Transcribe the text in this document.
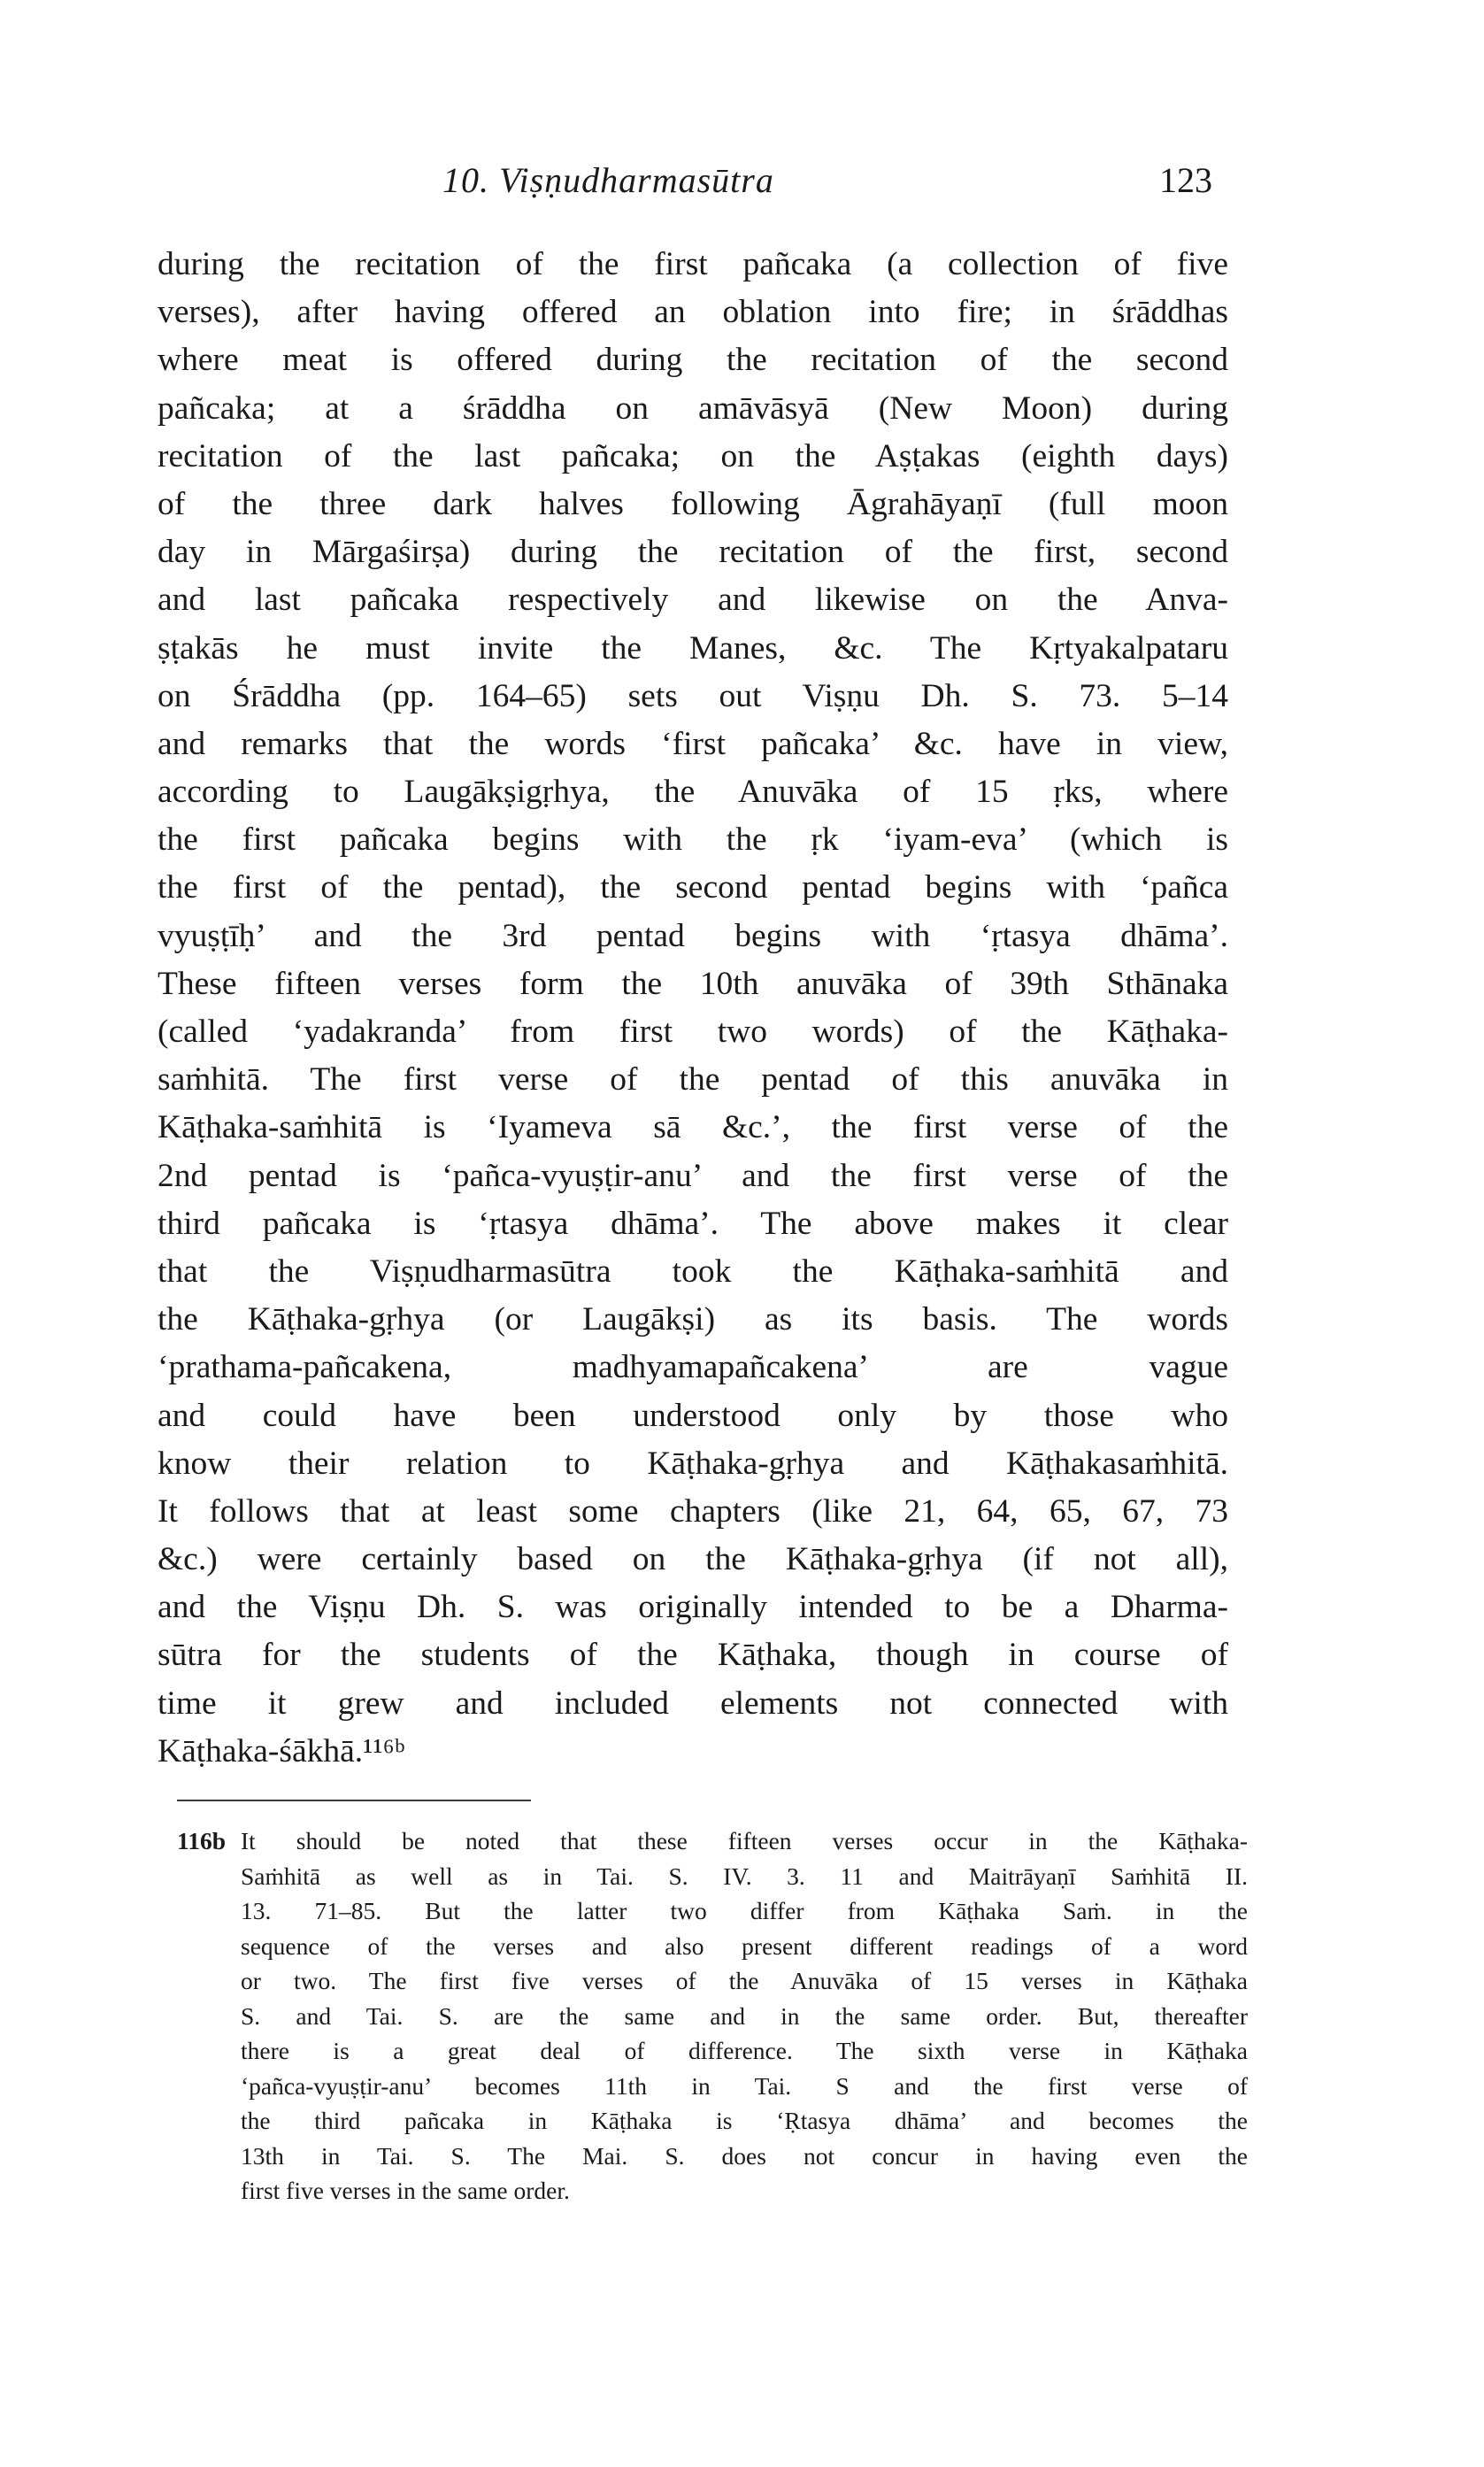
10. Viṣṇudharmasūtra	123
during the recitation of the first pañcaka (a collection of five
verses), after having offered an oblation into fire; in śrāddhas
where meat is offered during the recitation of the second
pañcaka; at a śrāddha on amāvāsyā (New Moon) during
recitation of the last pañcaka; on the Aṣṭakas (eighth days)
of the three dark halves following Āgrahāyaṇī (full moon
day in Mārgaśirṣa) during the recitation of the first, second
and last pañcaka respectively and likewise on the Anva-
ṣṭakās he must invite the Manes, &c. The Kṛtyakalpataru
on Śrāddha (pp. 164–65) sets out Viṣṇu Dh. S. 73. 5–14
and remarks that the words ‘first pañcaka’ &c. have in view,
according to Laugākṣigṛhya, the Anuvāka of 15 ṛks, where
the first pañcaka begins with the ṛk ‘iyam-eva’ (which is
the first of the pentad), the second pentad begins with ‘pañca
vyuṣṭīḥ’ and the 3rd pentad begins with ‘ṛtasya dhāma’.
These fifteen verses form the 10th anuvāka of 39th Sthānaka
(called ‘yadakranda’ from first two words) of the Kāṭhaka-
saṁhitā. The first verse of the pentad of this anuvāka in
Kāṭhaka-saṁhitā is ‘Iyameva sā &c.’, the first verse of the
2nd pentad is ‘pañca-vyuṣṭir-anu’ and the first verse of the
third pañcaka is ‘ṛtasya dhāma’. The above makes it clear
that the Viṣṇudharmasūtra took the Kāṭhaka-saṁhitā and
the Kāṭhaka-gṛhya (or Laugākṣi) as its basis. The words
‘prathama-pañcakena, madhyamapañcakena’ are vague
and could have been understood only by those who
know their relation to Kāṭhaka-gṛhya and Kāṭhakasaṁhitā.
It follows that at least some chapters (like 21, 64, 65, 67, 73
&c.) were certainly based on the Kāṭhaka-gṛhya (if not all),
and the Viṣṇu Dh. S. was originally intended to be a Dharma-
sūtra for the students of the Kāṭhaka, though in course of
time it grew and included elements not connected with
Kāṭhaka-śākhā.¹¹⁶ᵇ
116b It should be noted that these fifteen verses occur in the Kāṭhaka-
Saṁhitā as well as in Tai. S. IV. 3. 11 and Maitrāyaṇī Saṁhitā II.
13. 71–85. But the latter two differ from Kāṭhaka Saṁ. in the
sequence of the verses and also present different readings of a word
or two. The first five verses of the Anuvāka of 15 verses in Kāṭhaka
S. and Tai. S. are the same and in the same order. But, thereafter
there is a great deal of difference. The sixth verse in Kāṭhaka
‘pañca-vyuṣṭir-anu’ becomes 11th in Tai. S and the first verse of
the third pañcaka in Kāṭhaka is ‘Ṛtasya dhāma’ and becomes the
13th in Tai. S. The Mai. S. does not concur in having even the
first five verses in the same order.
